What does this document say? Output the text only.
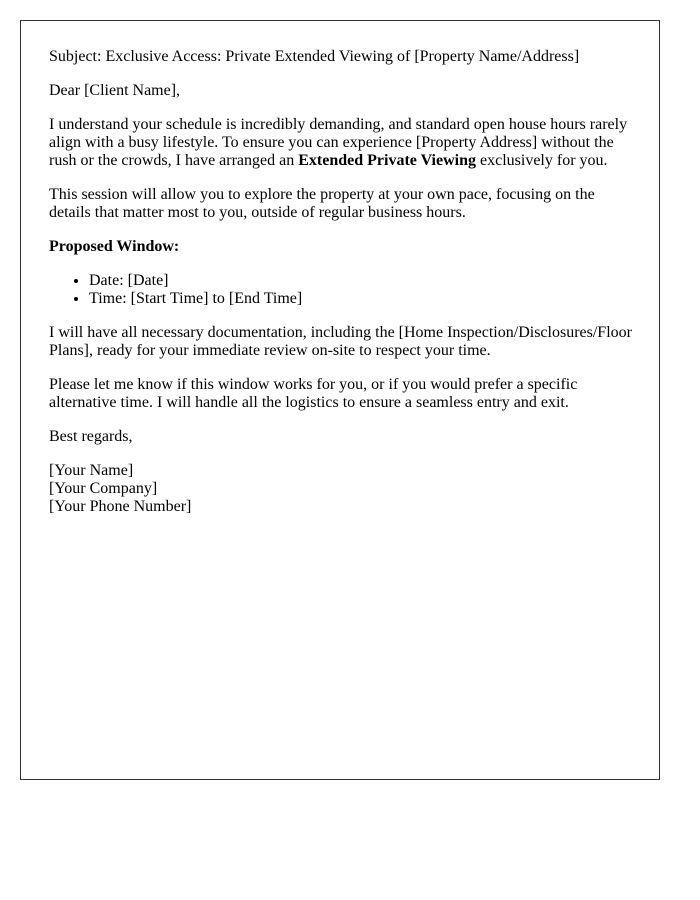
Subject: Exclusive Access: Private Extended Viewing of [Property Name/Address]

Dear [Client Name],

I understand your schedule is incredibly demanding, and standard open house hours rarely align with a busy lifestyle. To ensure you can experience [Property Address] without the rush or the crowds, I have arranged an Extended Private Viewing exclusively for you.

This session will allow you to explore the property at your own pace, focusing on the details that matter most to you, outside of regular business hours.

Proposed Window:

• Date: [Date]
• Time: [Start Time] to [End Time]

I will have all necessary documentation, including the [Home Inspection/Disclosures/Floor Plans], ready for your immediate review on-site to respect your time.

Please let me know if this window works for you, or if you would prefer a specific alternative time. I will handle all the logistics to ensure a seamless entry and exit.

Best regards,

[Your Name]
[Your Company]
[Your Phone Number]
